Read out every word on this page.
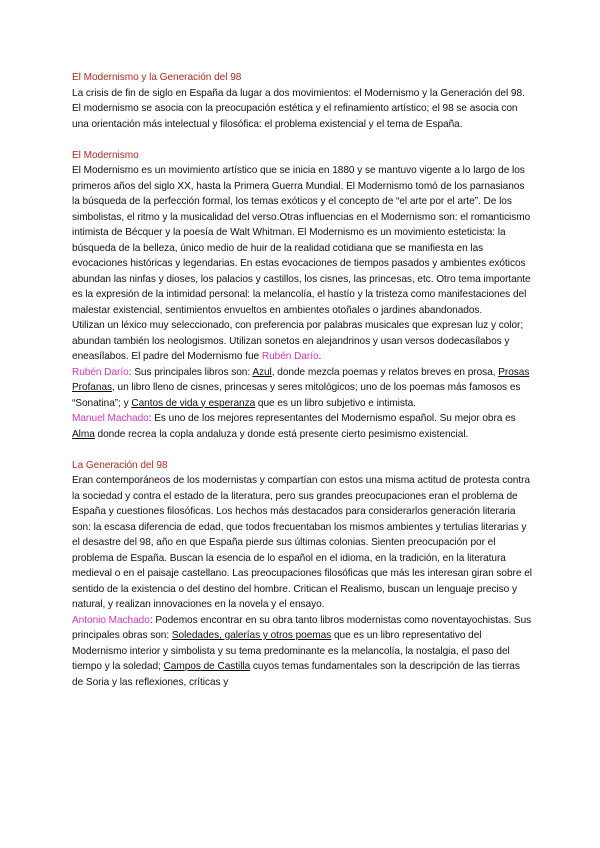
El Modernismo y la Generación del 98

La crisis de fin de siglo en España da lugar a dos movimientos: el Modernismo y la Generación del 98. El modernismo se asocia con la preocupación estética y el refinamiento artístico; el 98 se asocia con una orientación más intelectual y filosófica: el problema existencial y el tema de España.

El Modernismo

El Modernismo es un movimiento artístico que se inicia en 1880 y se mantuvo vigente a lo largo de los primeros años del siglo XX, hasta la Primera Guerra Mundial. El Modernismo tomó de los parnasianos la búsqueda de la perfección formal, los temas exóticos y el concepto de “el arte por el arte”. De los simbolistas, el ritmo y la musicalidad del verso.Otras influencias en el Modernismo son: el romanticismo intimista de Bécquer y la poesía de Walt Whitman. El Modernismo es un movimiento esteticista: la búsqueda de la belleza, único medio de huir de la realidad cotidiana que se manifiesta en las evocaciones históricas y legendarias. En estas evocaciones de tiempos pasados y ambientes exóticos abundan las ninfas y dioses, los palacios y castillos, los cisnes, las princesas, etc. Otro tema importante es la expresión de la intimidad personal: la melancolía, el hastío y la tristeza como manifestaciones del malestar existencial, sentimientos envueltos en ambientes otoñales o jardines abandonados.

Utilizan un léxico muy seleccionado, con preferencia por palabras musicales que expresan luz y color; abundan también los neologismos. Utilizan sonetos en alejandrinos y usan versos dodecasílabos y eneasílabos. El padre del Modernismo fue Rubén Darío.

Rubén Darío: Sus principales libros son: Azul, donde mezcla poemas y relatos breves en prosa, Prosas Profanas, un libro lleno de cisnes, princesas y seres mitológicos; uno de los poemas más famosos es “Sonatina”; y Cantos de vida y esperanza que es un libro subjetivo e intimista.

Manuel Machado: Es uno de los mejores representantes del Modernismo español. Su mejor obra es Alma donde recrea la copla andaluza y donde está presente cierto pesimismo existencial.

La Generación del 98

Eran contemporáneos de los modernistas y compartían con estos una misma actitud de protesta contra la sociedad y contra el estado de la literatura, pero sus grandes preocupaciones eran el problema de España y cuestiones filosóficas. Los hechos más destacados para considerarlos generación literaria son: la escasa diferencia de edad, que todos frecuentaban los mismos ambientes y tertulias literarias y el desastre del 98, año en que España pierde sus últimas colonias. Sienten preocupación por el problema de España. Buscan la esencia de lo español en el idioma, en la tradición, en la literatura medieval o en el paisaje castellano. Las preocupaciones filosóficas que más les interesan giran sobre el sentido de la existencia o del destino del hombre. Critican el Realismo, buscan un lenguaje preciso y natural, y realizan innovaciones en la novela y el ensayo.

Antonio Machado: Podemos encontrar en su obra tanto libros modernistas como noventayochistas. Sus principales obras son: Soledades, galerías y otros poemas que es un libro representativo del Modernismo interior y simbolista y su tema predominante es la melancolía, la nostalgia, el paso del tiempo y la soledad; Campos de Castilla cuyos temas fundamentales son la descripción de las tierras de Soria y las reflexiones, críticas y
